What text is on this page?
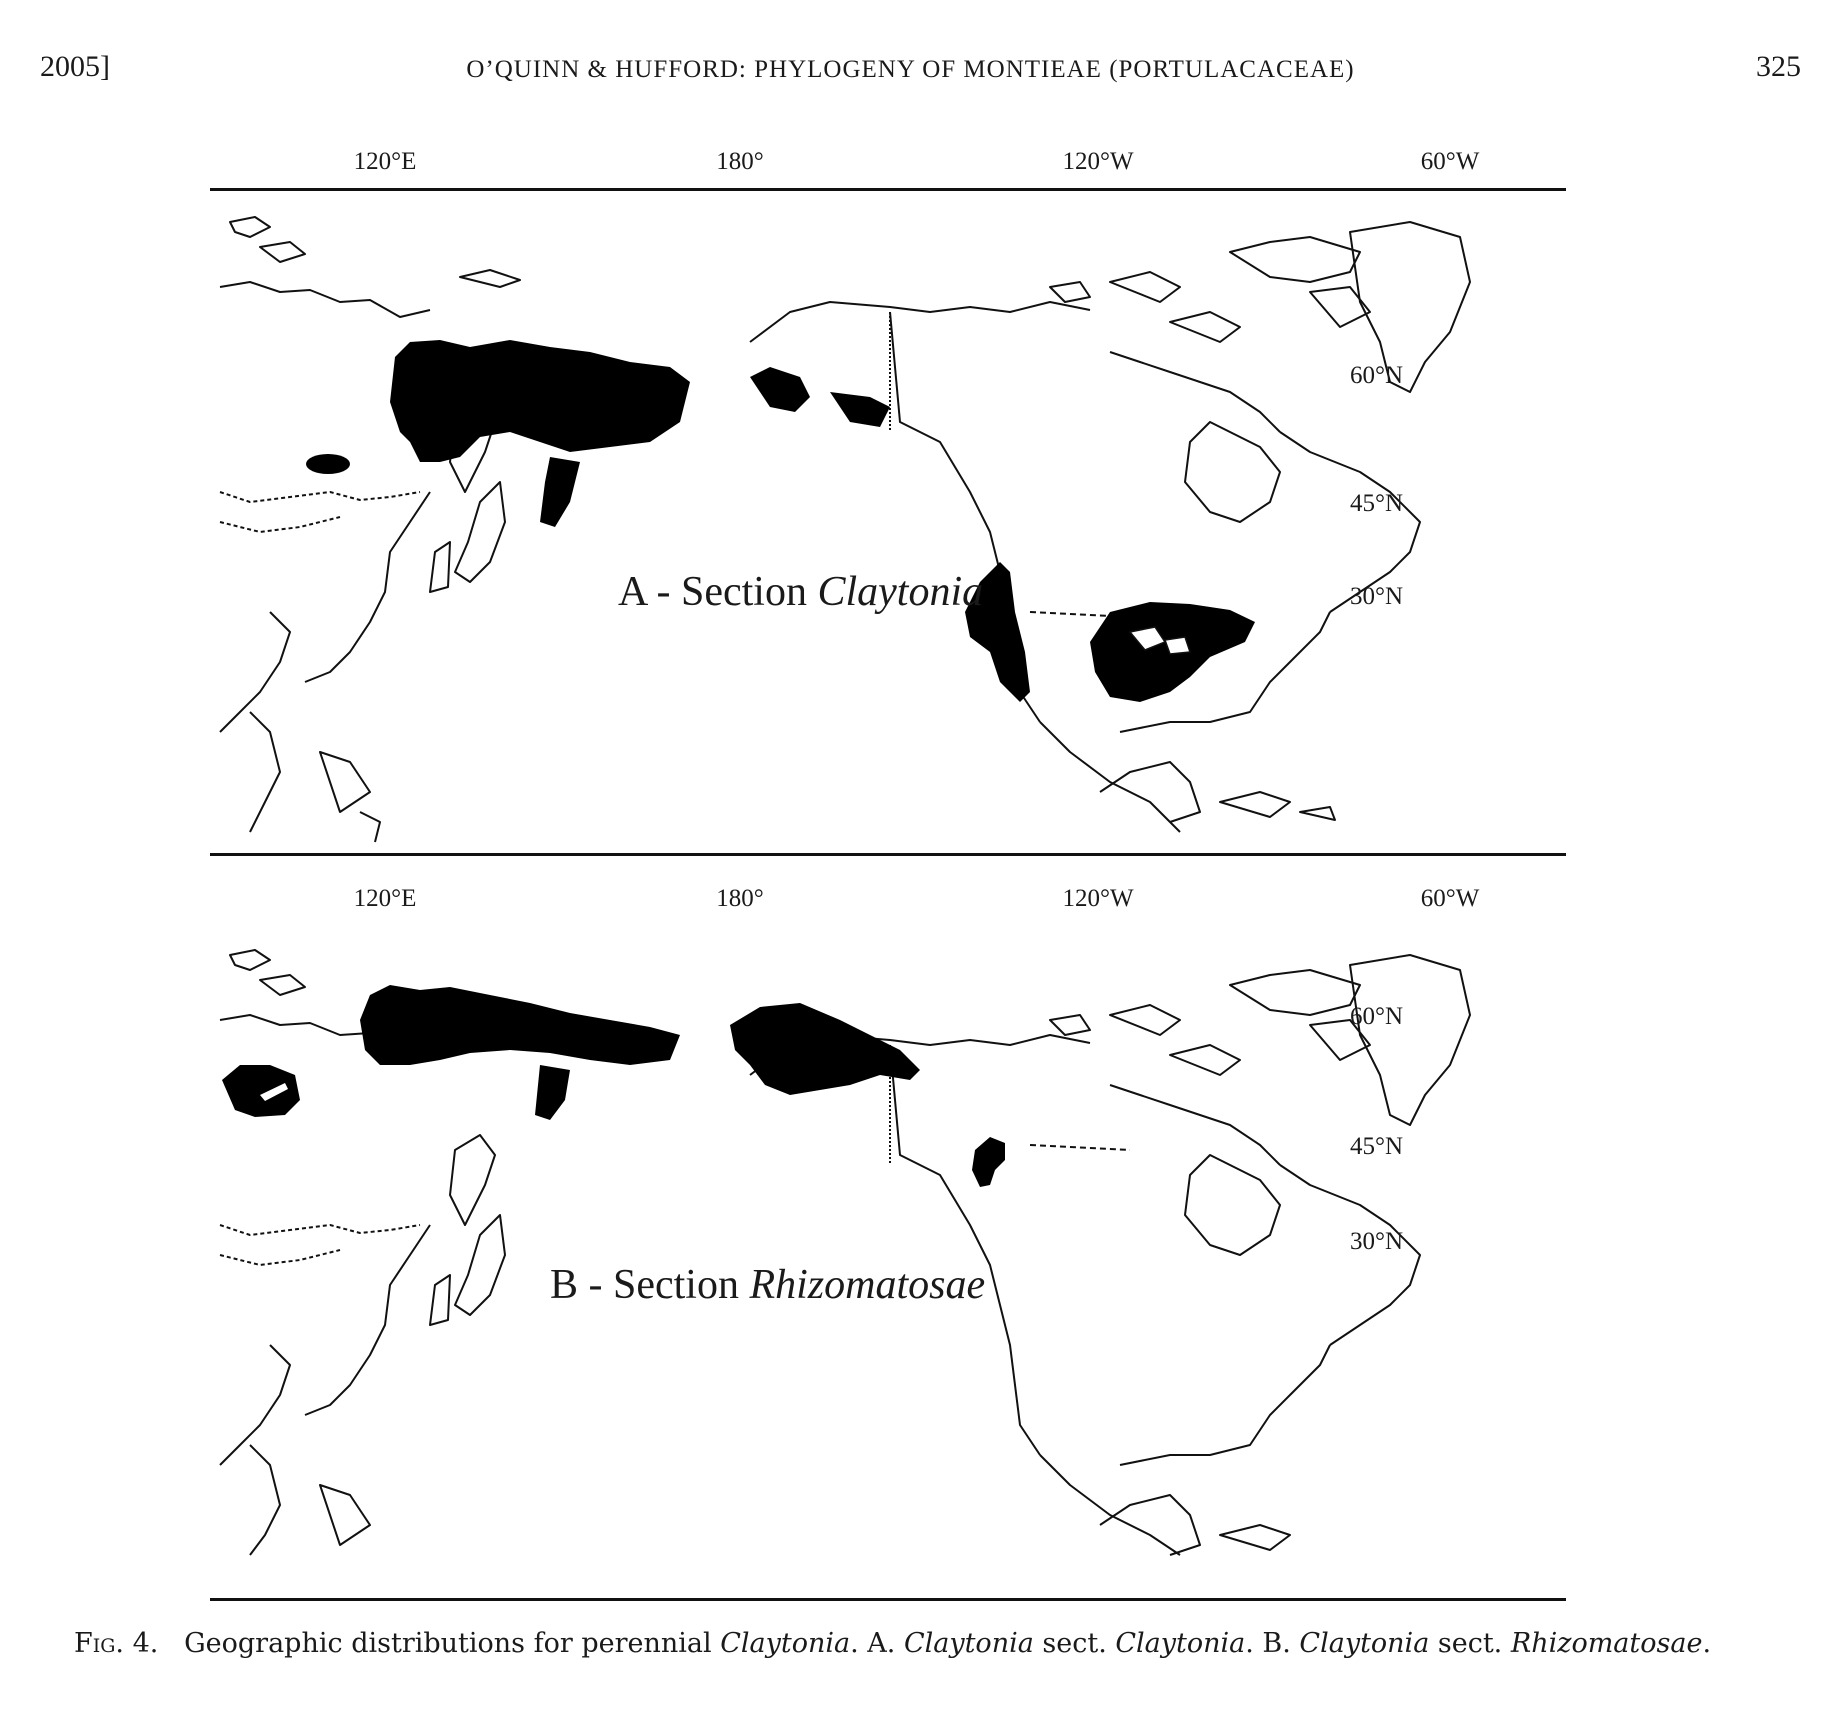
2005]	O’QUINN & HUFFORD: PHYLOGENY OF MONTIEAE (PORTULACACEAE)	325
120°E	180°	120°W	60°W
60°N
45°N
30°N
A - Section Claytonia
120°E	180°	120°W	60°W
60°N
45°N
30°N
B - Section Rhizomatosae
Fig. 4. Geographic distributions for perennial Claytonia. A. Claytonia sect. Claytonia. B. Claytonia sect. Rhizomatosae.
